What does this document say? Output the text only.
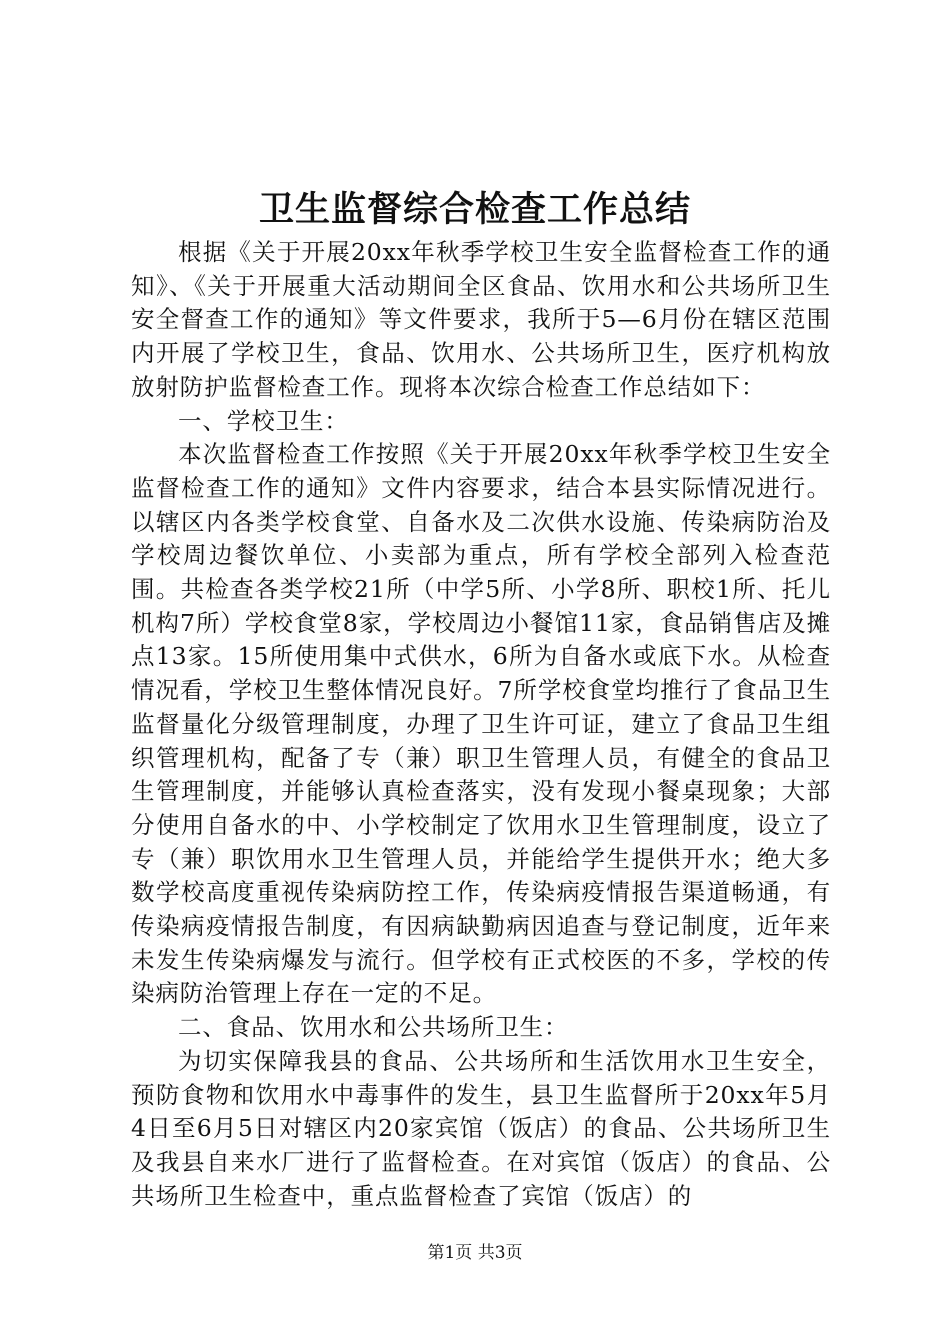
卫生监督综合检查工作总结

根据《关于开展20xx年秋季学校卫生安全监督检查工作的通知》、《关于开展重大活动期间全区食品、饮用水和公共场所卫生安全督查工作的通知》等文件要求，我所于5—6月份在辖区范围内开展了学校卫生，食品、饮用水、公共场所卫生，医疗机构放放射防护监督检查工作。现将本次综合检查工作总结如下：

一、学校卫生：

本次监督检查工作按照《关于开展20xx年秋季学校卫生安全监督检查工作的通知》文件内容要求，结合本县实际情况进行。以辖区内各类学校食堂、自备水及二次供水设施、传染病防治及学校周边餐饮单位、小卖部为重点，所有学校全部列入检查范围。共检查各类学校21所（中学5所、小学8所、职校1所、托儿机构7所）学校食堂8家，学校周边小餐馆11家，食品销售店及摊点13家。15所使用集中式供水，6所为自备水或底下水。从检查情况看，学校卫生整体情况良好。7所学校食堂均推行了食品卫生监督量化分级管理制度，办理了卫生许可证，建立了食品卫生组织管理机构，配备了专（兼）职卫生管理人员，有健全的食品卫生管理制度，并能够认真检查落实，没有发现小餐桌现象；大部分使用自备水的中、小学校制定了饮用水卫生管理制度，设立了专（兼）职饮用水卫生管理人员，并能给学生提供开水；绝大多数学校高度重视传染病防控工作，传染病疫情报告渠道畅通，有传染病疫情报告制度，有因病缺勤病因追查与登记制度，近年来未发生传染病爆发与流行。但学校有正式校医的不多，学校的传染病防治管理上存在一定的不足。

二、食品、饮用水和公共场所卫生：

为切实保障我县的食品、公共场所和生活饮用水卫生安全，预防食物和饮用水中毒事件的发生，县卫生监督所于20xx年5月4日至6月5日对辖区内20家宾馆（饭店）的食品、公共场所卫生及我县自来水厂进行了监督检查。在对宾馆（饭店）的食品、公共场所卫生检查中，重点监督检查了宾馆（饭店）的

第1页 共3页
